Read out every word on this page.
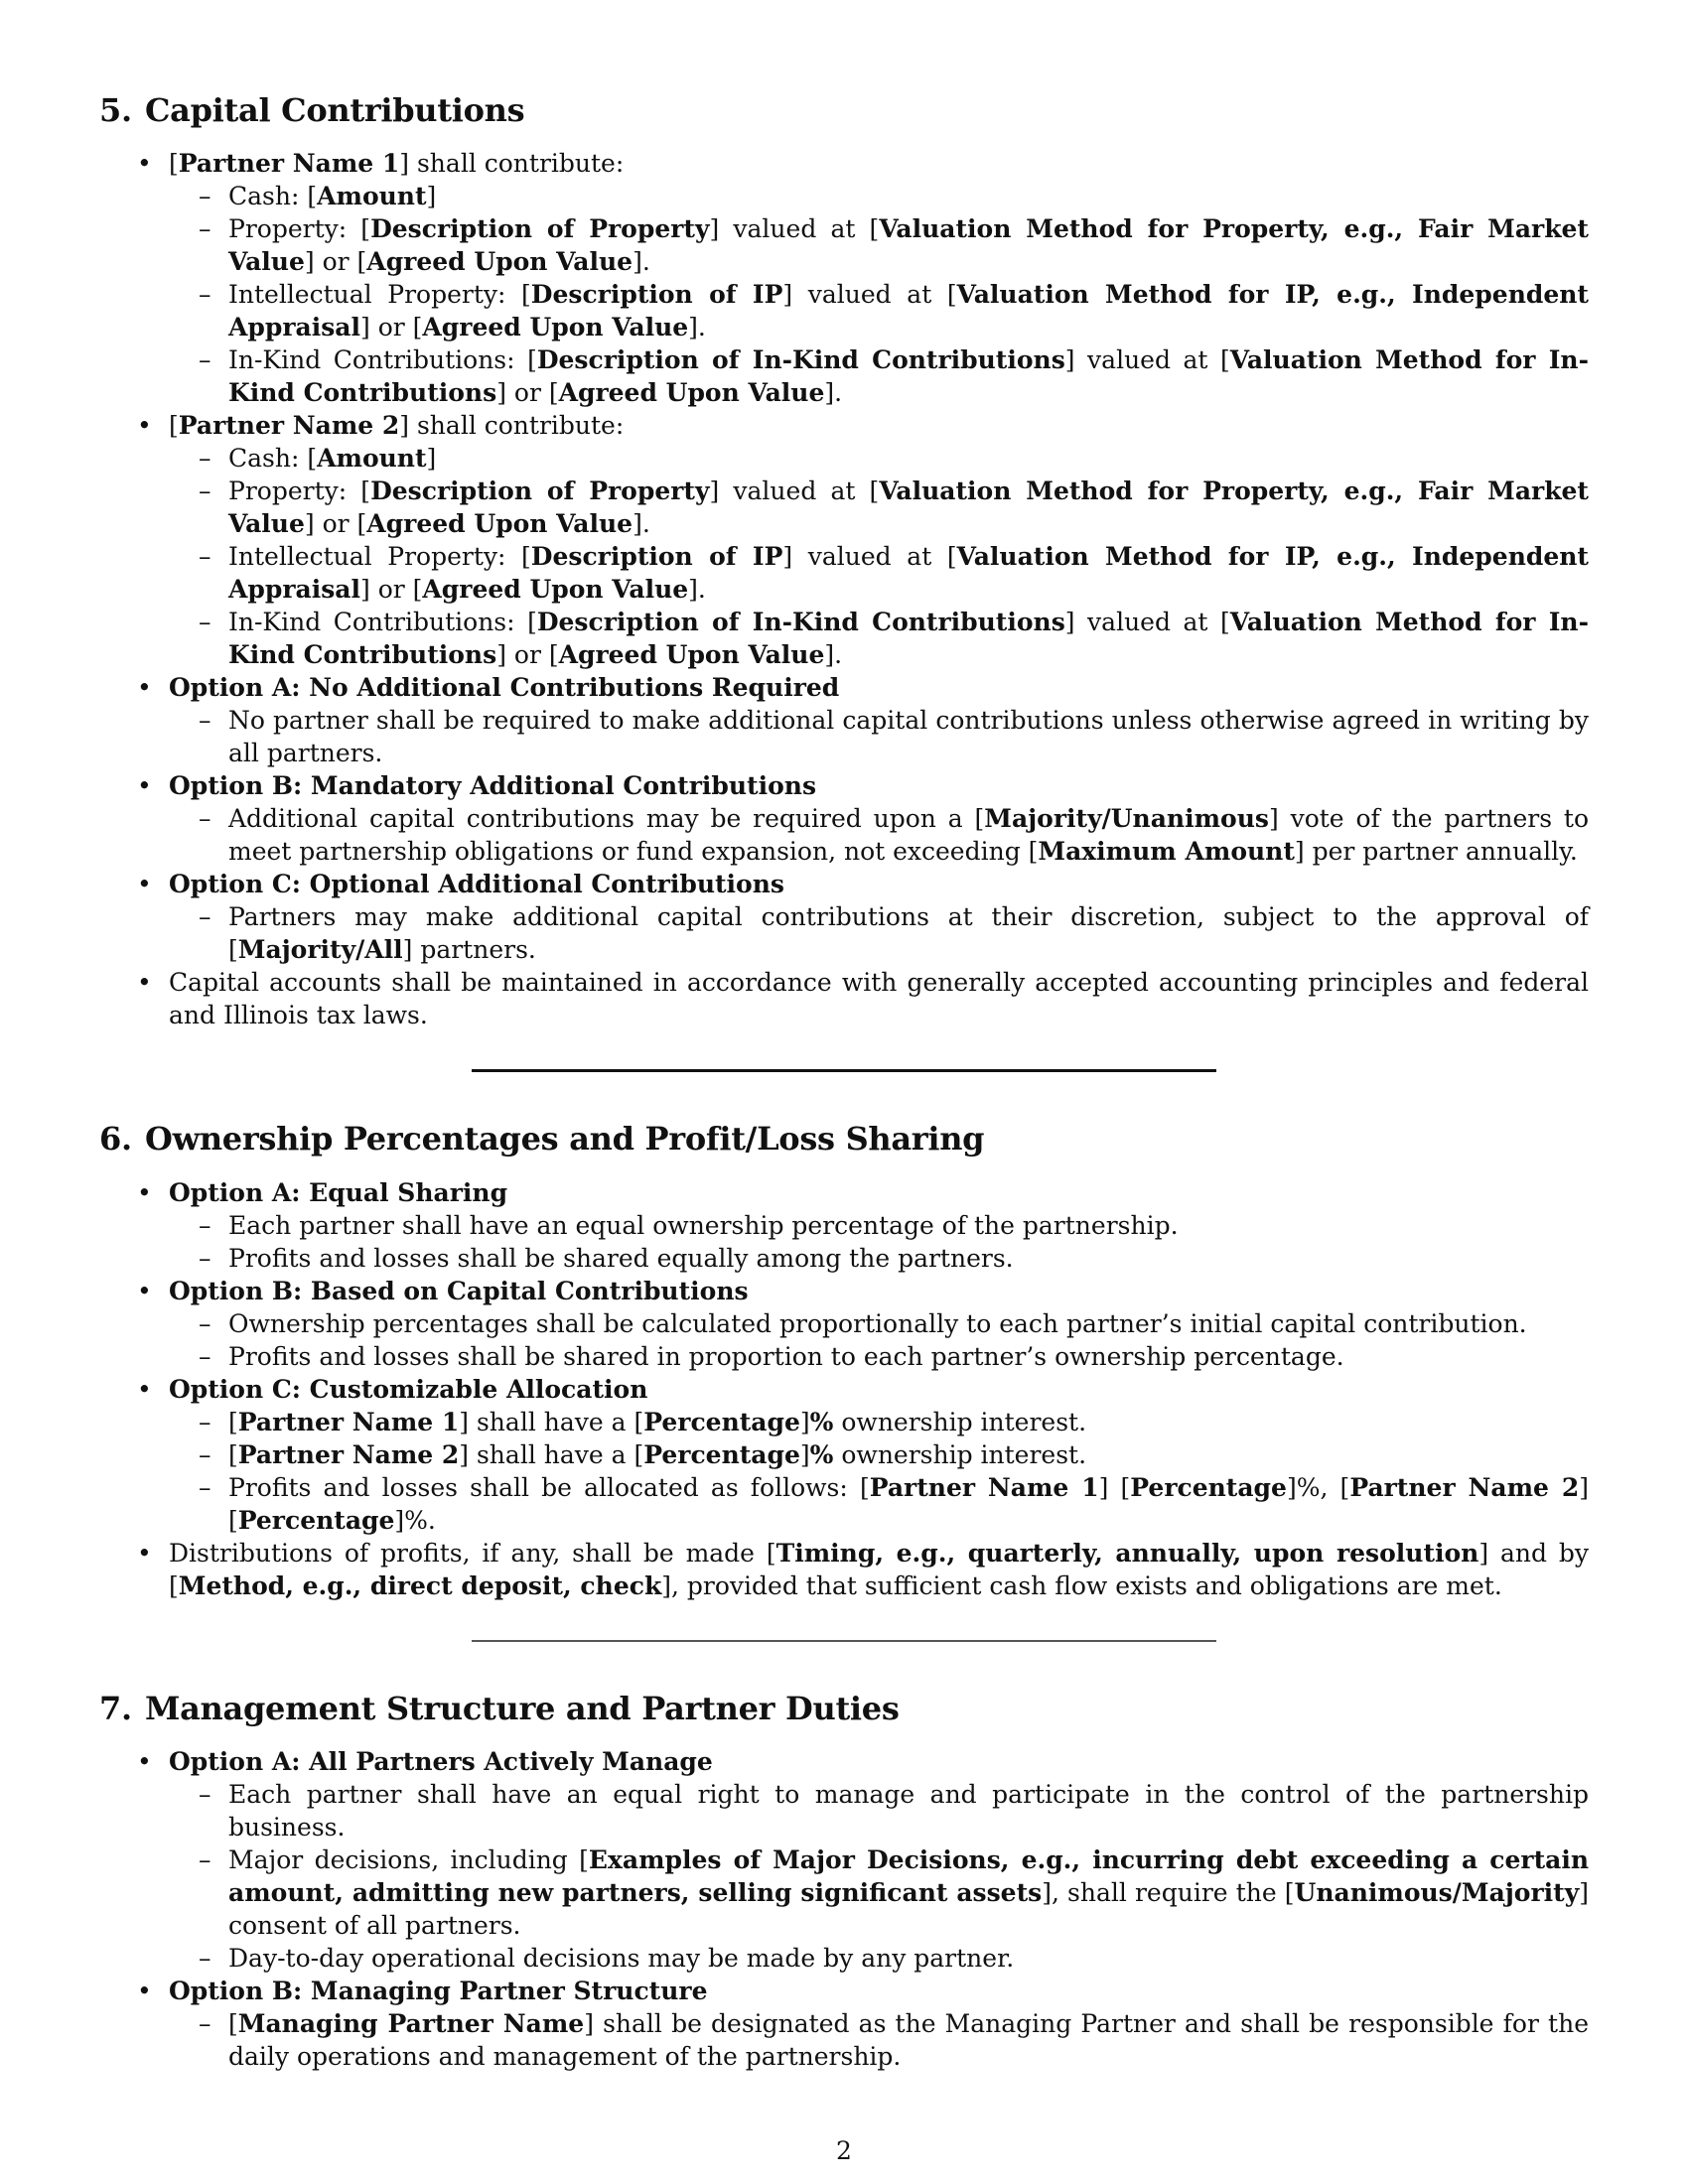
5. Capital Contributions
• [Partner Name 1] shall contribute:
– Cash: [Amount]
– Property: [Description of Property] valued at [Valuation Method for Property, e.g., Fair Market Value] or [Agreed Upon Value].
– Intellectual Property: [Description of IP] valued at [Valuation Method for IP, e.g., Independent Appraisal] or [Agreed Upon Value].
– In-Kind Contributions: [Description of In-Kind Contributions] valued at [Valuation Method for In-Kind Contributions] or [Agreed Upon Value].
• [Partner Name 2] shall contribute:
– Cash: [Amount]
– Property: [Description of Property] valued at [Valuation Method for Property, e.g., Fair Market Value] or [Agreed Upon Value].
– Intellectual Property: [Description of IP] valued at [Valuation Method for IP, e.g., Independent Appraisal] or [Agreed Upon Value].
– In-Kind Contributions: [Description of In-Kind Contributions] valued at [Valuation Method for In-Kind Contributions] or [Agreed Upon Value].
• Option A: No Additional Contributions Required
– No partner shall be required to make additional capital contributions unless otherwise agreed in writing by all partners.
• Option B: Mandatory Additional Contributions
– Additional capital contributions may be required upon a [Majority/Unanimous] vote of the partners to meet partnership obligations or fund expansion, not exceeding [Maximum Amount] per partner annually.
• Option C: Optional Additional Contributions
– Partners may make additional capital contributions at their discretion, subject to the approval of [Majority/All] partners.
• Capital accounts shall be maintained in accordance with generally accepted accounting principles and federal and Illinois tax laws.
6. Ownership Percentages and Profit/Loss Sharing
• Option A: Equal Sharing
– Each partner shall have an equal ownership percentage of the partnership.
– Profits and losses shall be shared equally among the partners.
• Option B: Based on Capital Contributions
– Ownership percentages shall be calculated proportionally to each partner’s initial capital contribution.
– Profits and losses shall be shared in proportion to each partner’s ownership percentage.
• Option C: Customizable Allocation
– [Partner Name 1] shall have a [Percentage]% ownership interest.
– [Partner Name 2] shall have a [Percentage]% ownership interest.
– Profits and losses shall be allocated as follows: [Partner Name 1] [Percentage]%, [Partner Name 2] [Percentage]%.
• Distributions of profits, if any, shall be made [Timing, e.g., quarterly, annually, upon resolution] and by [Method, e.g., direct deposit, check], provided that sufficient cash flow exists and obligations are met.
7. Management Structure and Partner Duties
• Option A: All Partners Actively Manage
– Each partner shall have an equal right to manage and participate in the control of the partnership business.
– Major decisions, including [Examples of Major Decisions, e.g., incurring debt exceeding a certain amount, admitting new partners, selling significant assets], shall require the [Unanimous/Majority] consent of all partners.
– Day-to-day operational decisions may be made by any partner.
• Option B: Managing Partner Structure
– [Managing Partner Name] shall be designated as the Managing Partner and shall be responsible for the daily operations and management of the partnership.
2
